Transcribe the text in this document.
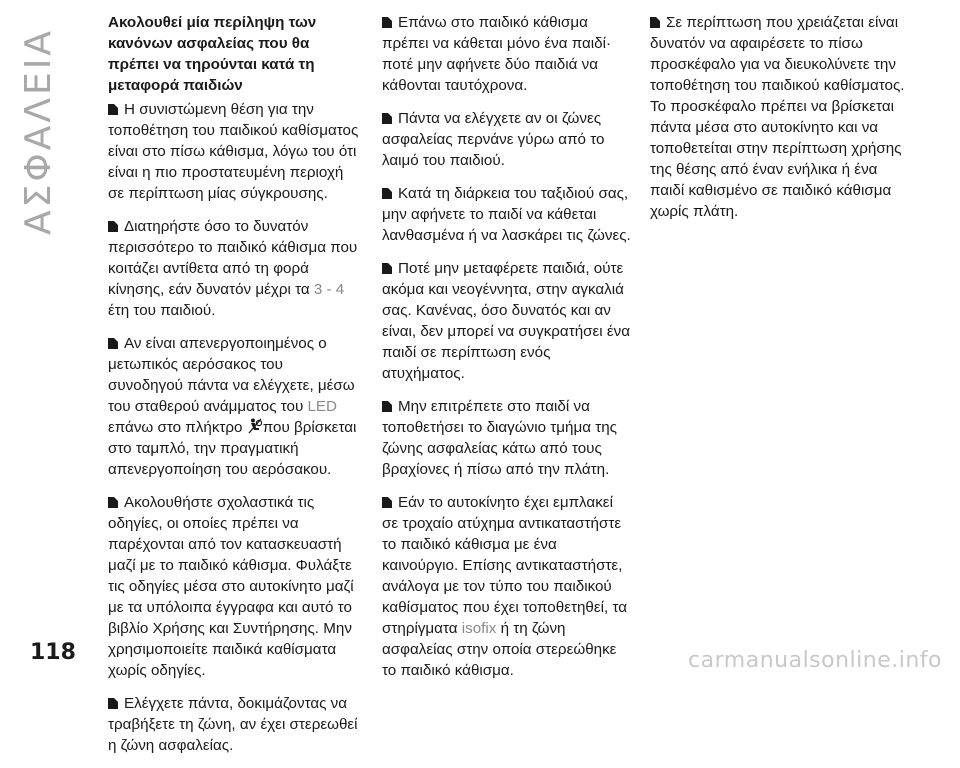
ΑΣΦΑΛΕΙΑ

Ακολουθεί μία περίληψη των κανόνων ασφαλείας που θα πρέπει να τηρούνται κατά τη μεταφορά παιδιών

Η συνιστώμενη θέση για την τοποθέτηση του παιδικού καθίσματος είναι στο πίσω κάθισμα, λόγω του ότι είναι η πιο προστατευμένη περιοχή σε περίπτωση μίας σύγκρουσης.

Διατηρήστε όσο το δυνατόν περισσότερο το παιδικό κάθισμα που κοιτάζει αντίθετα από τη φορά κίνησης, εάν δυνατόν μέχρι τα 3 - 4 έτη του παιδιού.

Αν είναι απενεργοποιημένος ο μετωπικός αερόσακος του συνοδηγού πάντα να ελέγχετε, μέσω του σταθερού ανάμματος του LED επάνω στο πλήκτρο που βρίσκεται στο ταμπλό, την πραγματική απενεργοποίηση του αερόσακου.

Ακολουθήστε σχολαστικά τις οδηγίες, οι οποίες πρέπει να παρέχονται από τον κατασκευαστή μαζί με το παιδικό κάθισμα. Φυλάξτε τις οδηγίες μέσα στο αυτοκίνητο μαζί με τα υπόλοιπα έγγραφα και αυτό το βιβλίο Χρήσης και Συντήρησης. Μην χρησιμοποιείτε παιδικά καθίσματα χωρίς οδηγίες.

Ελέγχετε πάντα, δοκιμάζοντας να τραβήξετε τη ζώνη, αν έχει στερεωθεί η ζώνη ασφαλείας.

Επάνω στο παιδικό κάθισμα πρέπει να κάθεται μόνο ένα παιδί· ποτέ μην αφήνετε δύο παιδιά να κάθονται ταυτόχρονα.

Πάντα να ελέγχετε αν οι ζώνες ασφαλείας περνάνε γύρω από το λαιμό του παιδιού.

Κατά τη διάρκεια του ταξιδιού σας, μην αφήνετε το παιδί να κάθεται λανθασμένα ή να λασκάρει τις ζώνες.

Ποτέ μην μεταφέρετε παιδιά, ούτε ακόμα και νεογέννητα, στην αγκαλιά σας. Κανένας, όσο δυνατός και αν είναι, δεν μπορεί να συγκρατήσει ένα παιδί σε περίπτωση ενός ατυχήματος.

Μην επιτρέπετε στο παιδί να τοποθετήσει το διαγώνιο τμήμα της ζώνης ασφαλείας κάτω από τους βραχίονες ή πίσω από την πλάτη.

Εάν το αυτοκίνητο έχει εμπλακεί σε τροχαίο ατύχημα αντικαταστήστε το παιδικό κάθισμα με ένα καινούργιο. Επίσης αντικαταστήστε, ανάλογα με τον τύπο του παιδικού καθίσματος που έχει τοποθετηθεί, τα στηρίγματα isofix ή τη ζώνη ασφαλείας στην οποία στερεώθηκε το παιδικό κάθισμα.

Σε περίπτωση που χρειάζεται είναι δυνατόν να αφαιρέσετε το πίσω προσκέφαλο για να διευκολύνετε την τοποθέτηση του παιδικού καθίσματος. Το προσκέφαλο πρέπει να βρίσκεται πάντα μέσα στο αυτοκίνητο και να τοποθετείται στην περίπτωση χρήσης της θέσης από έναν ενήλικα ή ένα παιδί καθισμένο σε παιδικό κάθισμα χωρίς πλάτη.

118	carmanualsonline.info
